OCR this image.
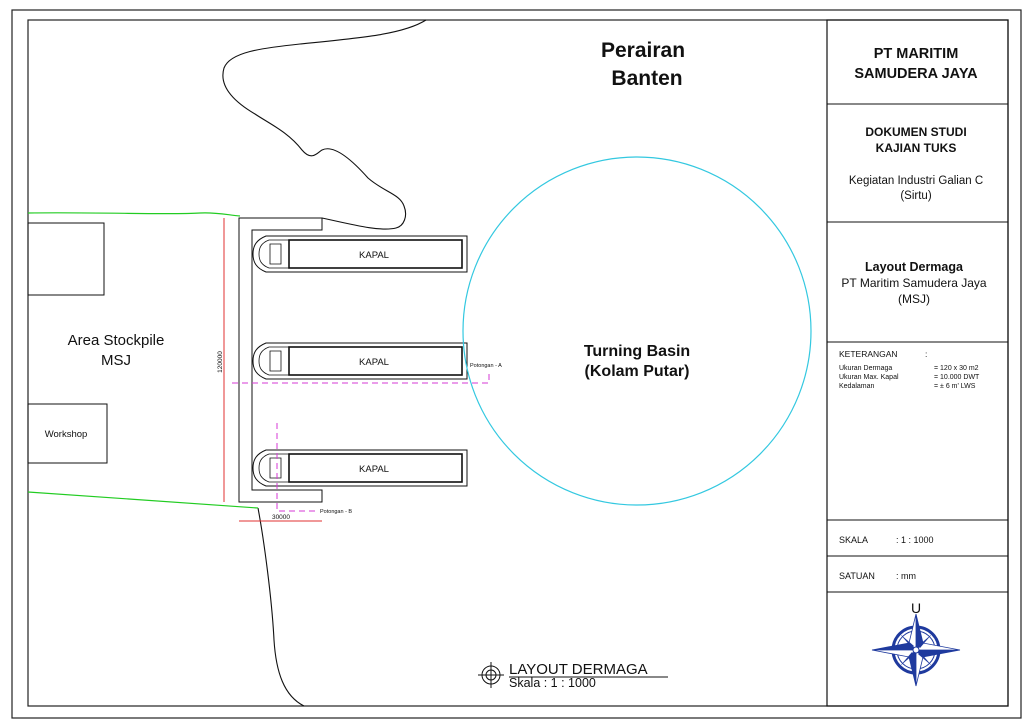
Area Stockpile
MSJ
Workshop
120000
30000
KAPAL
KAPAL
KAPAL
Potongan - A
Potongan - B
Turning Basin
(Kolam Putar)
Perairan
Banten
LAYOUT DERMAGA
Skala : 1 : 1000
PT MARITIM
SAMUDERA JAYA
DOKUMEN STUDI
KAJIAN TUKS
Kegiatan Industri Galian C
(Sirtu)
Layout Dermaga
PT Maritim Samudera Jaya
(MSJ)
KETERANGAN	:
Ukuran Dermaga	= 120 x 30 m2
Ukuran Max. Kapal	= 10.000 DWT
Kedalaman	= ± 6 m' LWS
SKALA	: 1 : 1000
SATUAN : mm
U
